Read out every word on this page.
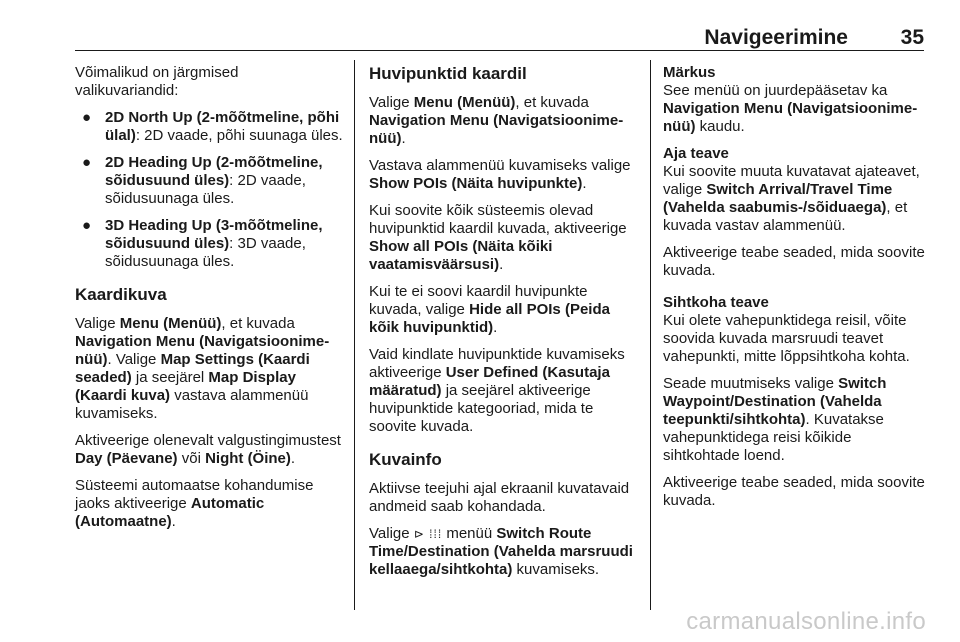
Navigeerimine	35

Võimalikud on järgmised valikuvariandid:

● 2D North Up (2-mõõtmeline, põhi ülal): 2D vaade, põhi suunaga üles.
● 2D Heading Up (2-mõõtmeline, sõidusuund üles): 2D vaade, sõidusuunaga üles.
● 3D Heading Up (3-mõõtmeline, sõidusuund üles): 3D vaade, sõidusuunaga üles.
Kaardikuva

Valige Menu (Menüü), et kuvada Navigation Menu (Navigatsioonime-nüü). Valige Map Settings (Kaardi seaded) ja seejärel Map Display (Kaardi kuva) vastava alammenüü kuvamiseks.

Aktiveerige olenevalt valgustingimustest Day (Päevane) või Night (Öine).

Süsteemi automaatse kohandumise jaoks aktiveerige Automatic (Automaatne).

Huvipunktid kaardil

Valige Menu (Menüü), et kuvada Navigation Menu (Navigatsioonime-nüü).

Vastava alammenüü kuvamiseks valige Show POIs (Näita huvipunkte).

Kui soovite kõik süsteemis olevad huvipunktid kaardil kuvada, aktiveerige Show all POIs (Näita kõiki vaatamisväärsusi).

Kui te ei soovi kaardil huvipunkte kuvada, valige Hide all POIs (Peida kõik huvipunktid).

Vaid kindlate huvipunktide kuvamiseks aktiveerige User Defined (Kasutaja määratud) ja seejärel aktiveerige huvipunktide kategooriad, mida te soovite kuvada.

Kuvainfo

Aktiivse teejuhi ajal ekraanil kuvatavaid andmeid saab kohandada.

Valige ⊳ ⁞⁞⁞ menüü Switch Route Time/Destination (Vahelda marsruudi kellaaega/sihtkohta) kuvamiseks.

Märkus

See menüü on juurdepääsetav ka Navigation Menu (Navigatsioonime-nüü) kaudu.

Aja teave

Kui soovite muuta kuvatavat ajateavet, valige Switch Arrival/Travel Time (Vahelda saabumis-/sõiduaega), et kuvada vastav alammenüü.

Aktiveerige teabe seaded, mida soovite kuvada.

Sihtkoha teave

Kui olete vahepunktidega reisil, võite soovida kuvada marsruudi teavet vahepunkti, mitte lõppsihtkoha kohta.

Seade muutmiseks valige Switch Waypoint/Destination (Vahelda teepunkti/sihtkohta). Kuvatakse vahepunktidega reisi kõikide sihtkohtade loend.

Aktiveerige teabe seaded, mida soovite kuvada.

carmanualsonline.info
